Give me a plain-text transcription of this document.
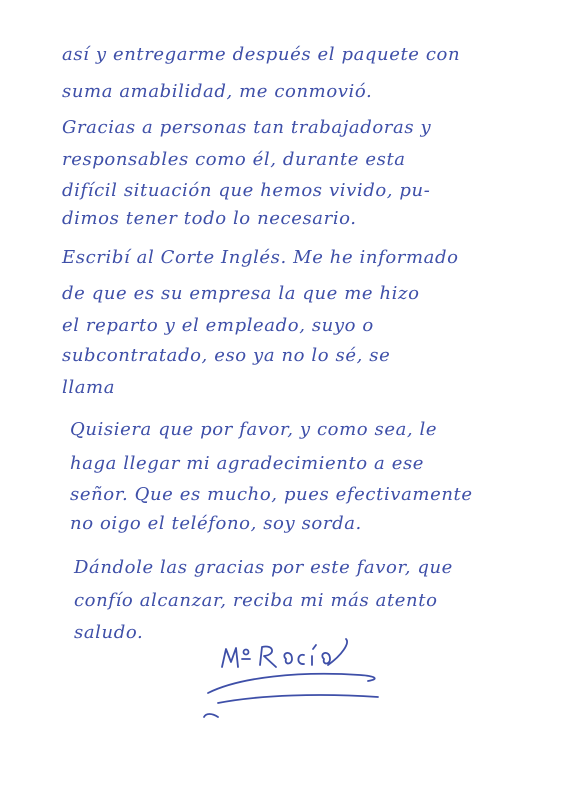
así y entregarme después el paquete con
suma amabilidad, me conmovió.
Gracias a personas tan trabajadoras y
responsables como él, durante esta
difícil situación que hemos vivido, pu-
dimos tener todo lo necesario.
Escribí al Corte Inglés. Me he informado
de que es su empresa la que me hizo
el reparto y el empleado, suyo o
subcontratado, eso ya no lo sé, se
llama
Quisiera que por favor, y como sea, le
haga llegar mi agradecimiento a ese
señor. Que es mucho, pues efectivamente
no oigo el teléfono, soy sorda.
Dándole las gracias por este favor, que
confío alcanzar, reciba mi más atento
saludo.
